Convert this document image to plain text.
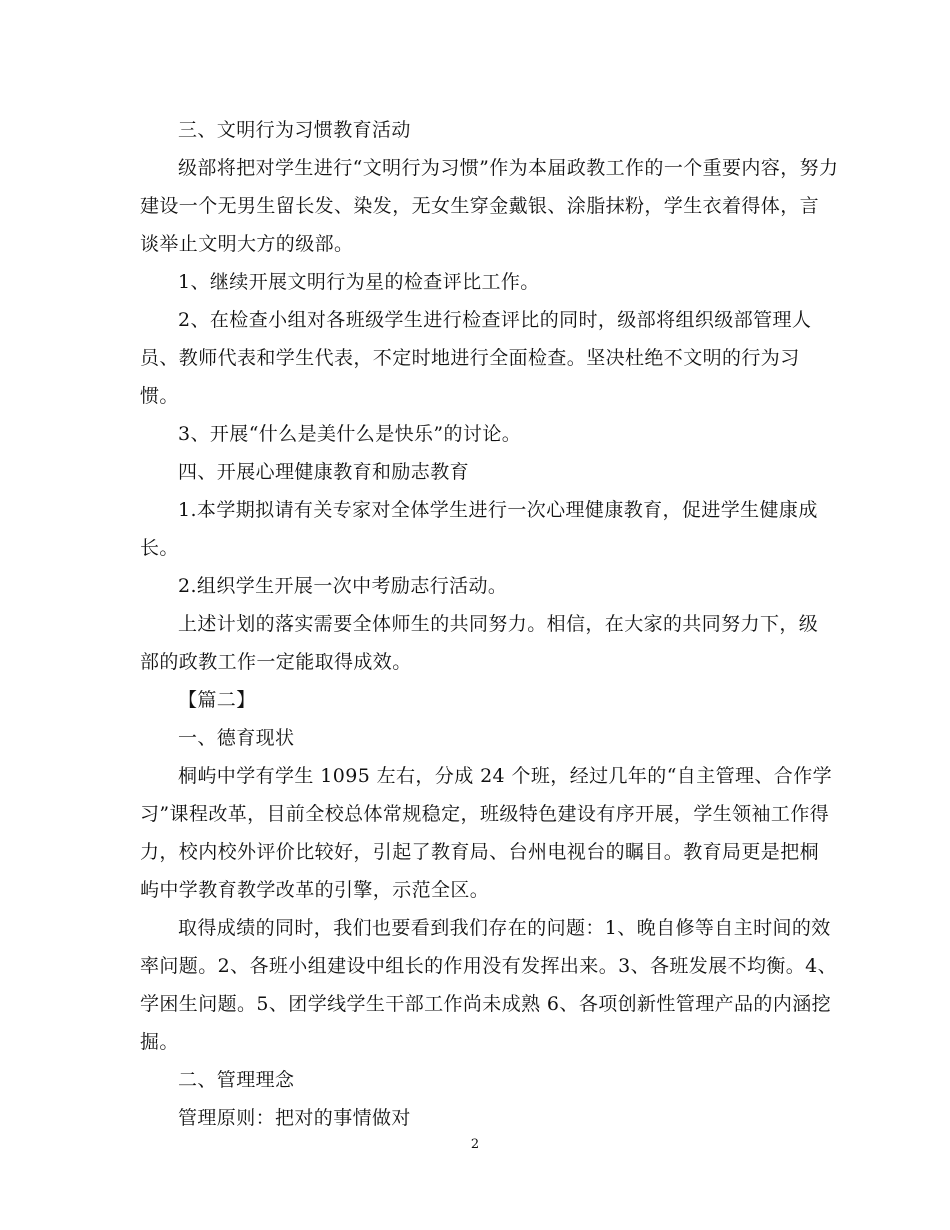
三、文明行为习惯教育活动
级部将把对学生进行“文明行为习惯”作为本届政教工作的一个重要内容，努力
建设一个无男生留长发、染发，无女生穿金戴银、涂脂抹粉，学生衣着得体，言
谈举止文明大方的级部。
1、继续开展文明行为星的检查评比工作。
2、在检查小组对各班级学生进行检查评比的同时，级部将组织级部管理人
员、教师代表和学生代表，不定时地进行全面检查。坚决杜绝不文明的行为习
惯。
3、开展“什么是美什么是快乐”的讨论。
四、开展心理健康教育和励志教育
1.本学期拟请有关专家对全体学生进行一次心理健康教育，促进学生健康成
长。
2.组织学生开展一次中考励志行活动。
上述计划的落实需要全体师生的共同努力。相信，在大家的共同努力下，级
部的政教工作一定能取得成效。
【篇二】
一、德育现状
桐屿中学有学生 1095 左右，分成 24 个班，经过几年的“自主管理、合作学
习”课程改革，目前全校总体常规稳定，班级特色建设有序开展，学生领袖工作得
力，校内校外评价比较好，引起了教育局、台州电视台的瞩目。教育局更是把桐
屿中学教育教学改革的引擎，示范全区。
取得成绩的同时，我们也要看到我们存在的问题：1、晚自修等自主时间的效
率问题。2、各班小组建设中组长的作用没有发挥出来。3、各班发展不均衡。4、
学困生问题。5、团学线学生干部工作尚未成熟 6、各项创新性管理产品的内涵挖
掘。
二、管理理念
管理原则：把对的事情做对
2
